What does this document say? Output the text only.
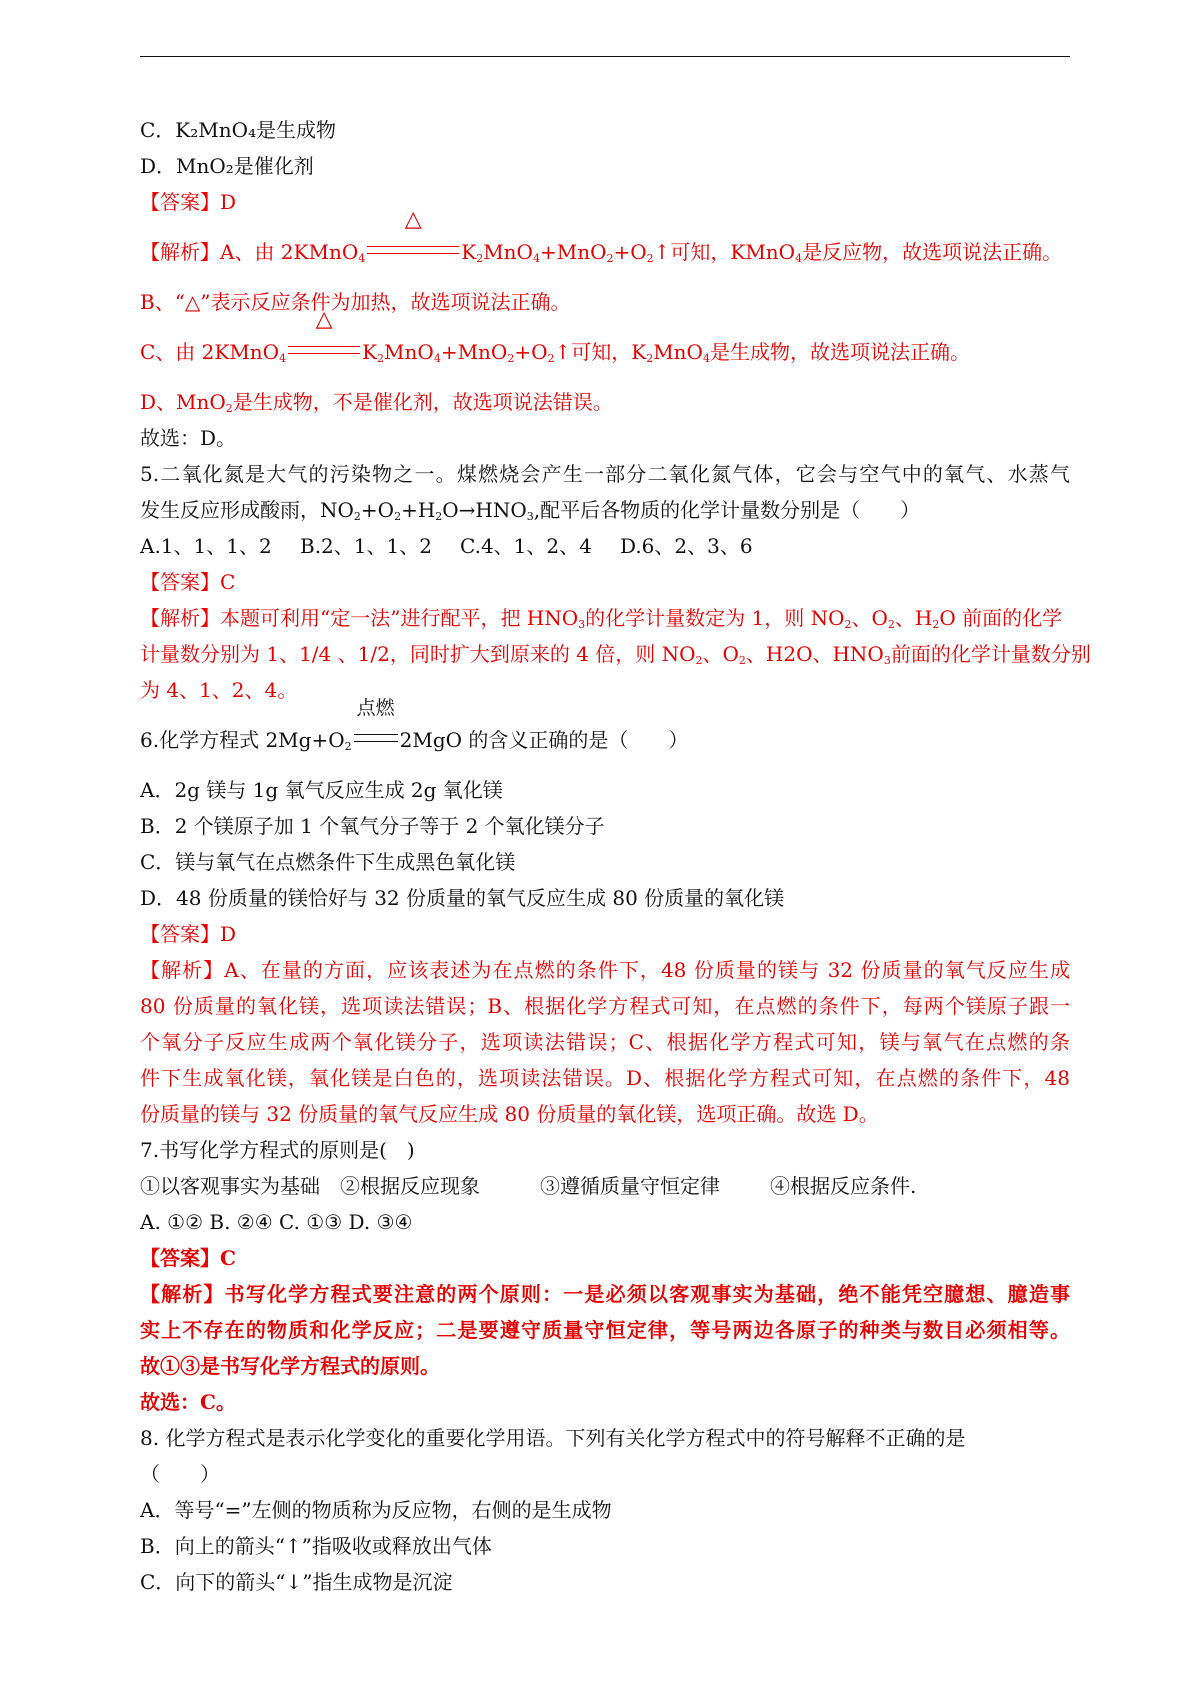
C．K₂MnO₄是生成物
D．MnO₂是催化剂
【答案】D
【解析】A、由 2KMnO$_4$
△
$K_2MnO_4+MnO_2+O_2↑$可知，KMnO$_4$是反应物，故选项说法正确。
B、“△”表示反应条件为加热，故选项说法正确。
C、由 2KMnO$_4$
△
$K_2MnO_4+MnO_2+O_2↑$可知，$K_2MnO_4$是生成物，故选项说法正确。
D、MnO$_2$是生成物，不是催化剂，故选项说法错误。
故选：D。
5.二氧化氮是大气的污染物之一。煤燃烧会产生一部分二氧化氮气体，它会与空气中的氧气、水蒸气
发生反应形成酸雨，$NO_2+O_2+H_2O\to HNO_3$,配平后各物质的化学计量数分别是（　　）
A.1、1、1、2 B.2、1、1、2 C.4、1、2、4 D.6、2、3、6
【答案】C
【解析】本题可利用“定一法”进行配平，把 $HNO_3$的化学计量数定为 1，则 $NO_2$、$O_2$、$H_2O$ 前面的化学
计量数分别为 1、1/4 、1/2，同时扩大到原来的 4 倍，则 $NO_2$、$O_2$、H2O、$HNO_3$前面的化学计量数分别
为 4、1、2、4。
6.化学方程式 $2Mg+O_2$
点燃
2MgO 的含义正确的是（　　）
A．2g 镁与 1g 氧气反应生成 2g 氧化镁
B．2 个镁原子加 1 个氧气分子等于 2 个氧化镁分子
C．镁与氧气在点燃条件下生成黑色氧化镁
D．48 份质量的镁恰好与 32 份质量的氧气反应生成 80 份质量的氧化镁
【答案】D
【解析】A、在量的方面，应该表述为在点燃的条件下，48 份质量的镁与 32 份质量的氧气反应生成
80 份质量的氧化镁，选项读法错误；B、根据化学方程式可知，在点燃的条件下，每两个镁原子跟一
个氧分子反应生成两个氧化镁分子，选项读法错误；C、根据化学方程式可知，镁与氧气在点燃的条
件下生成氧化镁，氧化镁是白色的，选项读法错误。D、根据化学方程式可知，在点燃的条件下，48
份质量的镁与 32 份质量的氧气反应生成 80 份质量的氧化镁，选项正确。故选 D。
7.书写化学方程式的原则是(　)
①以客观事实为基础 ②根据反应现象	③遵循质量守恒定律	④根据反应条件.
A. ①② B. ②④ C. ①③ D. ③④
【答案】C
【解析】书写化学方程式要注意的两个原则：一是必须以客观事实为基础，绝不能凭空臆想、臆造事
实上不存在的物质和化学反应；二是要遵守质量守恒定律，等号两边各原子的种类与数目必须相等。
故①③是书写化学方程式的原则。
故选：C。
8. 化学方程式是表示化学变化的重要化学用语。下列有关化学方程式中的符号解释不正确的是
（　　）
A．等号“=”左侧的物质称为反应物，右侧的是生成物
B．向上的箭头“↑”指吸收或释放出气体
C．向下的箭头“↓”指生成物是沉淀
